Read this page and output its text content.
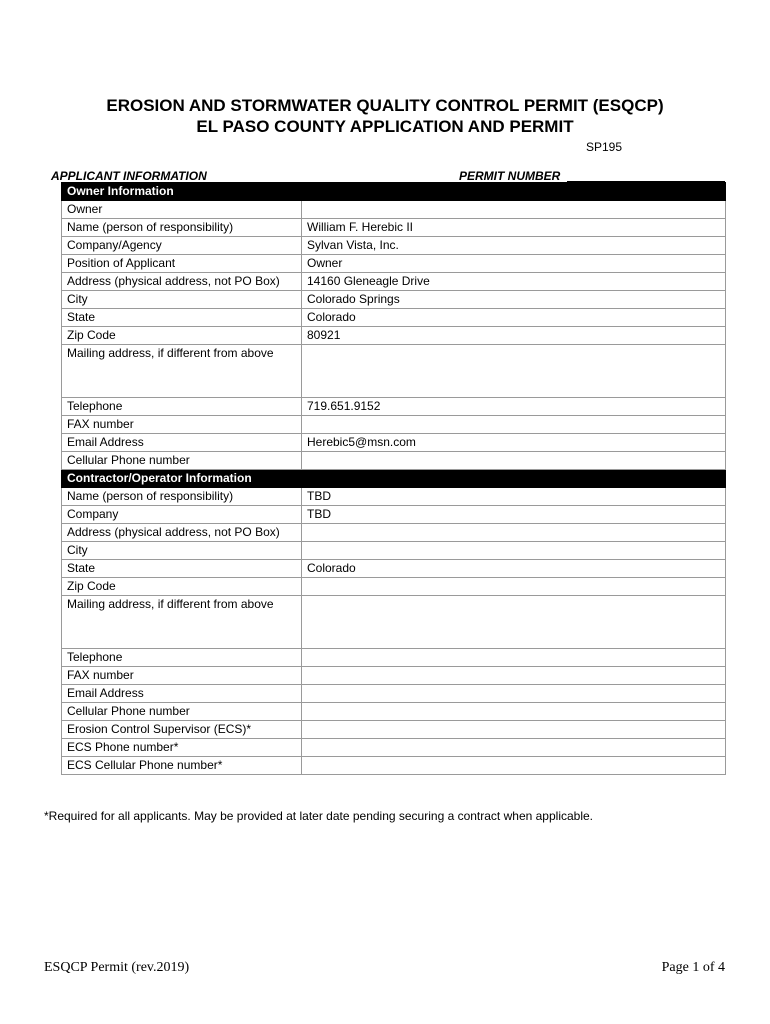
EROSION AND STORMWATER QUALITY CONTROL PERMIT (ESQCP)
EL PASO COUNTY APPLICATION AND PERMIT
SP195
APPLICANT INFORMATION	PERMIT NUMBER
Owner Information	
Owner	
Name (person of responsibility)	William F. Herebic II
Company/Agency	Sylvan Vista, Inc.
Position of Applicant	Owner
Address (physical address, not PO Box)	14160 Gleneagle Drive
City	Colorado Springs
State	Colorado
Zip Code	80921
Mailing address, if different from above	
Telephone	719.651.9152
FAX number	
Email Address	Herebic5@msn.com
Cellular Phone number	
Contractor/Operator Information	
Name (person of responsibility)	TBD
Company	TBD
Address (physical address, not PO Box)	
City	
State	Colorado
Zip Code	
Mailing address, if different from above	
Telephone	
FAX number	
Email Address	
Cellular Phone number	
Erosion Control Supervisor (ECS)*	
ECS Phone number*	
ECS Cellular Phone number*	
*Required for all applicants. May be provided at later date pending securing a contract when applicable.
ESQCP Permit (rev.2019)	Page 1 of 4
